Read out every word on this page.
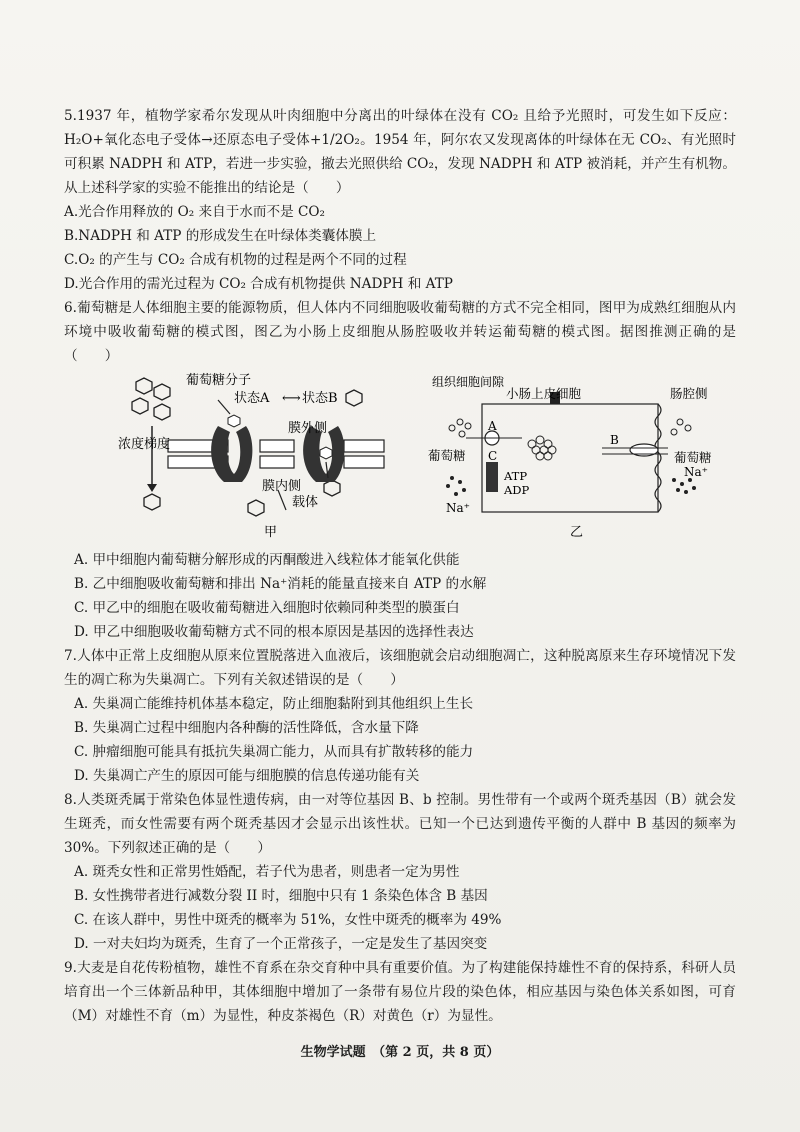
5.1937 年，植物学家希尔发现从叶肉细胞中分离出的叶绿体在没有 CO₂ 且给予光照时，可发生如下反应：H₂O+氧化态电子受体→还原态电子受体+1/2O₂。1954 年，阿尔农又发现离体的叶绿体在无 CO₂、有光照时可积累 NADPH 和 ATP，若进一步实验，撤去光照供给 CO₂，发现 NADPH 和 ATP 被消耗，并产生有机物。从上述科学家的实验不能推出的结论是（　　）

A.光合作用释放的 O₂ 来自于水而不是 CO₂

B.NADPH 和 ATP 的形成发生在叶绿体类囊体膜上

C.O₂ 的产生与 CO₂ 合成有机物的过程是两个不同的过程

D.光合作用的需光过程为 CO₂ 合成有机物提供 NADPH 和 ATP

6.葡萄糖是人体细胞主要的能源物质，但人体内不同细胞吸收葡萄糖的方式不完全相同，图甲为成熟红细胞从内环境中吸收葡萄糖的模式图，图乙为小肠上皮细胞从肠腔吸收并转运葡萄糖的模式图。据图推测正确的是（　　）

葡萄糖分子
状态A ⟷ 状态B
膜外侧
膜内侧
浓度梯度
载体
甲
组织细胞间隙
小肠上皮细胞	肠腔侧
葡萄糖	葡萄糖
Na⁺
Na⁺
ATP
ADP
A
B
C
乙

A. 甲中细胞内葡萄糖分解形成的丙酮酸进入线粒体才能氧化供能

B. 乙中细胞吸收葡萄糖和排出 Na⁺消耗的能量直接来自 ATP 的水解

C. 甲乙中的细胞在吸收葡萄糖进入细胞时依赖同种类型的膜蛋白

D. 甲乙中细胞吸收葡萄糖方式不同的根本原因是基因的选择性表达

7.人体中正常上皮细胞从原来位置脱落进入血液后，该细胞就会启动细胞凋亡，这种脱离原来生存环境情况下发生的凋亡称为失巢凋亡。下列有关叙述错误的是（　　）

A. 失巢凋亡能维持机体基本稳定，防止细胞黏附到其他组织上生长

B. 失巢凋亡过程中细胞内各种酶的活性降低，含水量下降

C. 肿瘤细胞可能具有抵抗失巢凋亡能力，从而具有扩散转移的能力

D. 失巢凋亡产生的原因可能与细胞膜的信息传递功能有关

8.人类斑秃属于常染色体显性遗传病，由一对等位基因 B、b 控制。男性带有一个或两个斑秃基因（B）就会发生斑秃，而女性需要有两个斑秃基因才会显示出该性状。已知一个已达到遗传平衡的人群中 B 基因的频率为 30%。下列叙述正确的是（　　）

A. 斑秃女性和正常男性婚配，若子代为患者，则患者一定为男性

B. 女性携带者进行减数分裂 II 时，细胞中只有 1 条染色体含 B 基因

C. 在该人群中，男性中斑秃的概率为 51%，女性中斑秃的概率为 49%

D. 一对夫妇均为斑秃，生育了一个正常孩子，一定是发生了基因突变

9.大麦是自花传粉植物，雄性不育系在杂交育种中具有重要价值。为了构建能保持雄性不育的保持系，科研人员培育出一个三体新品种甲，其体细胞中增加了一条带有易位片段的染色体，相应基因与染色体关系如图，可育（M）对雄性不育（m）为显性，种皮茶褐色（R）对黄色（r）为显性。

生物学试题　（第 2 页，共 8 页）
